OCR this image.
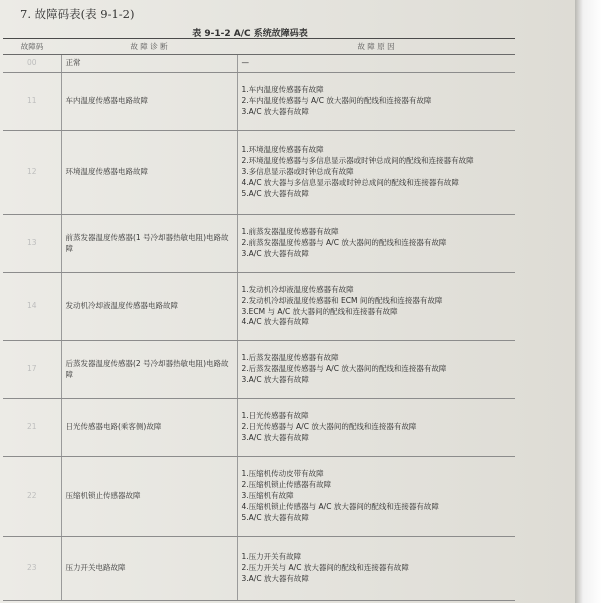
7. 故障码表(表 9-1-2)
表 9-1-2 A/C 系统故障码表
故障码	故 障 诊 断	故 障 原 因
00	正常	—

11	车内温度传感器电路故障	1.车内温度传感器有故障
2.车内温度传感器与 A/C 放大器间的配线和连接器有故障
3.A/C 放大器有故障

12	环境温度传感器电路故障	1.环境温度传感器有故障
2.环境温度传感器与多信息显示器或时钟总成间的配线和连接器有故障
3.多信息显示器或时钟总成有故障
4.A/C 放大器与多信息显示器或时钟总成间的配线和连接器有故障
5.A/C 放大器有故障

13	前蒸发器温度传感器(1 号冷却器热敏电阻)电路故障	1.前蒸发器温度传感器有故障
2.前蒸发器温度传感器与 A/C 放大器间的配线和连接器有故障
3.A/C 放大器有故障

14	发动机冷却液温度传感器电路故障	1.发动机冷却液温度传感器有故障
2.发动机冷却液温度传感器和 ECM 间的配线和连接器有故障
3.ECM 与 A/C 放大器间的配线和连接器有故障
4.A/C 放大器有故障

17	后蒸发器温度传感器(2 号冷却器热敏电阻)电路故障	1.后蒸发器温度传感器有故障
2.后蒸发器温度传感器与 A/C 放大器间的配线和连接器有故障
3.A/C 放大器有故障

21	日光传感器电路(乘客侧)故障	1.日光传感器有故障
2.日光传感器与 A/C 放大器间的配线和连接器有故障
3.A/C 放大器有故障

22	压缩机锁止传感器故障	1.压缩机传动皮带有故障
2.压缩机锁止传感器有故障
3.压缩机有故障
4.压缩机锁止传感器与 A/C 放大器间的配线和连接器有故障
5.A/C 放大器有故障

23	压力开关电路故障	1.压力开关有故障
2.压力开关与 A/C 放大器间的配线和连接器有故障
3.A/C 放大器有故障
